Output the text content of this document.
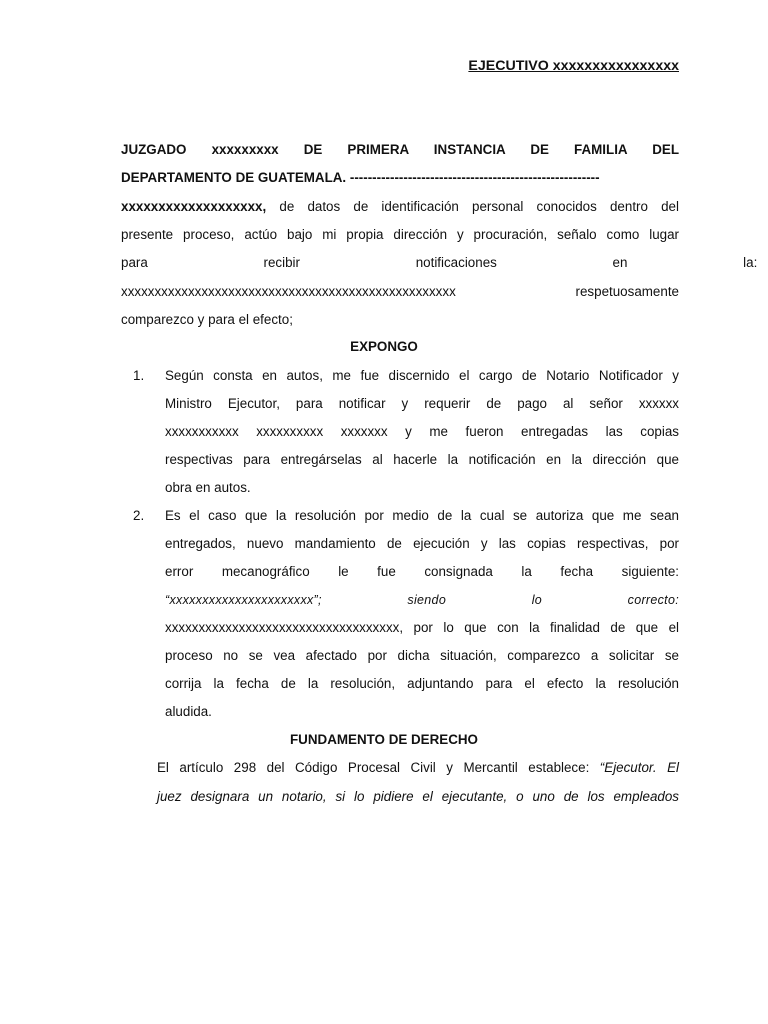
EJECUTIVO xxxxxxxxxxxxxxxx
JUZGADO xxxxxxxxx DE PRIMERA INSTANCIA DE FAMILIA DEL
DEPARTAMENTO DE GUATEMALA. --------------------------------------------------------
xxxxxxxxxxxxxxxxxxx, de datos de identificación personal conocidos dentro del
presente proceso, actúo bajo mi propia dirección y procuración, señalo como lugar
para recibir notificaciones en la:
xxxxxxxxxxxxxxxxxxxxxxxxxxxxxxxxxxxxxxxxxxxxxxxxxx respetuosamente
comparezco y para el efecto;
EXPONGO
1. Según consta en autos, me fue discernido el cargo de Notario Notificador y
Ministro Ejecutor, para notificar y requerir de pago al señor xxxxxx
xxxxxxxxxxx xxxxxxxxxx xxxxxxx y me fueron entregadas las copias
respectivas para entregárselas al hacerle la notificación en la dirección que
obra en autos.
2. Es el caso que la resolución por medio de la cual se autoriza que me sean
entregados, nuevo mandamiento de ejecución y las copias respectivas, por
error mecanográfico le fue consignada la fecha siguiente:
“xxxxxxxxxxxxxxxxxxxxxx”; siendo lo correcto:
xxxxxxxxxxxxxxxxxxxxxxxxxxxxxxxxxxx, por lo que con la finalidad de que el
proceso no se vea afectado por dicha situación, comparezco a solicitar se
corrija la fecha de la resolución, adjuntando para el efecto la resolución
aludida.
FUNDAMENTO DE DERECHO
El artículo 298 del Código Procesal Civil y Mercantil establece: “Ejecutor. El
juez designara un notario, si lo pidiere el ejecutante, o uno de los empleados
